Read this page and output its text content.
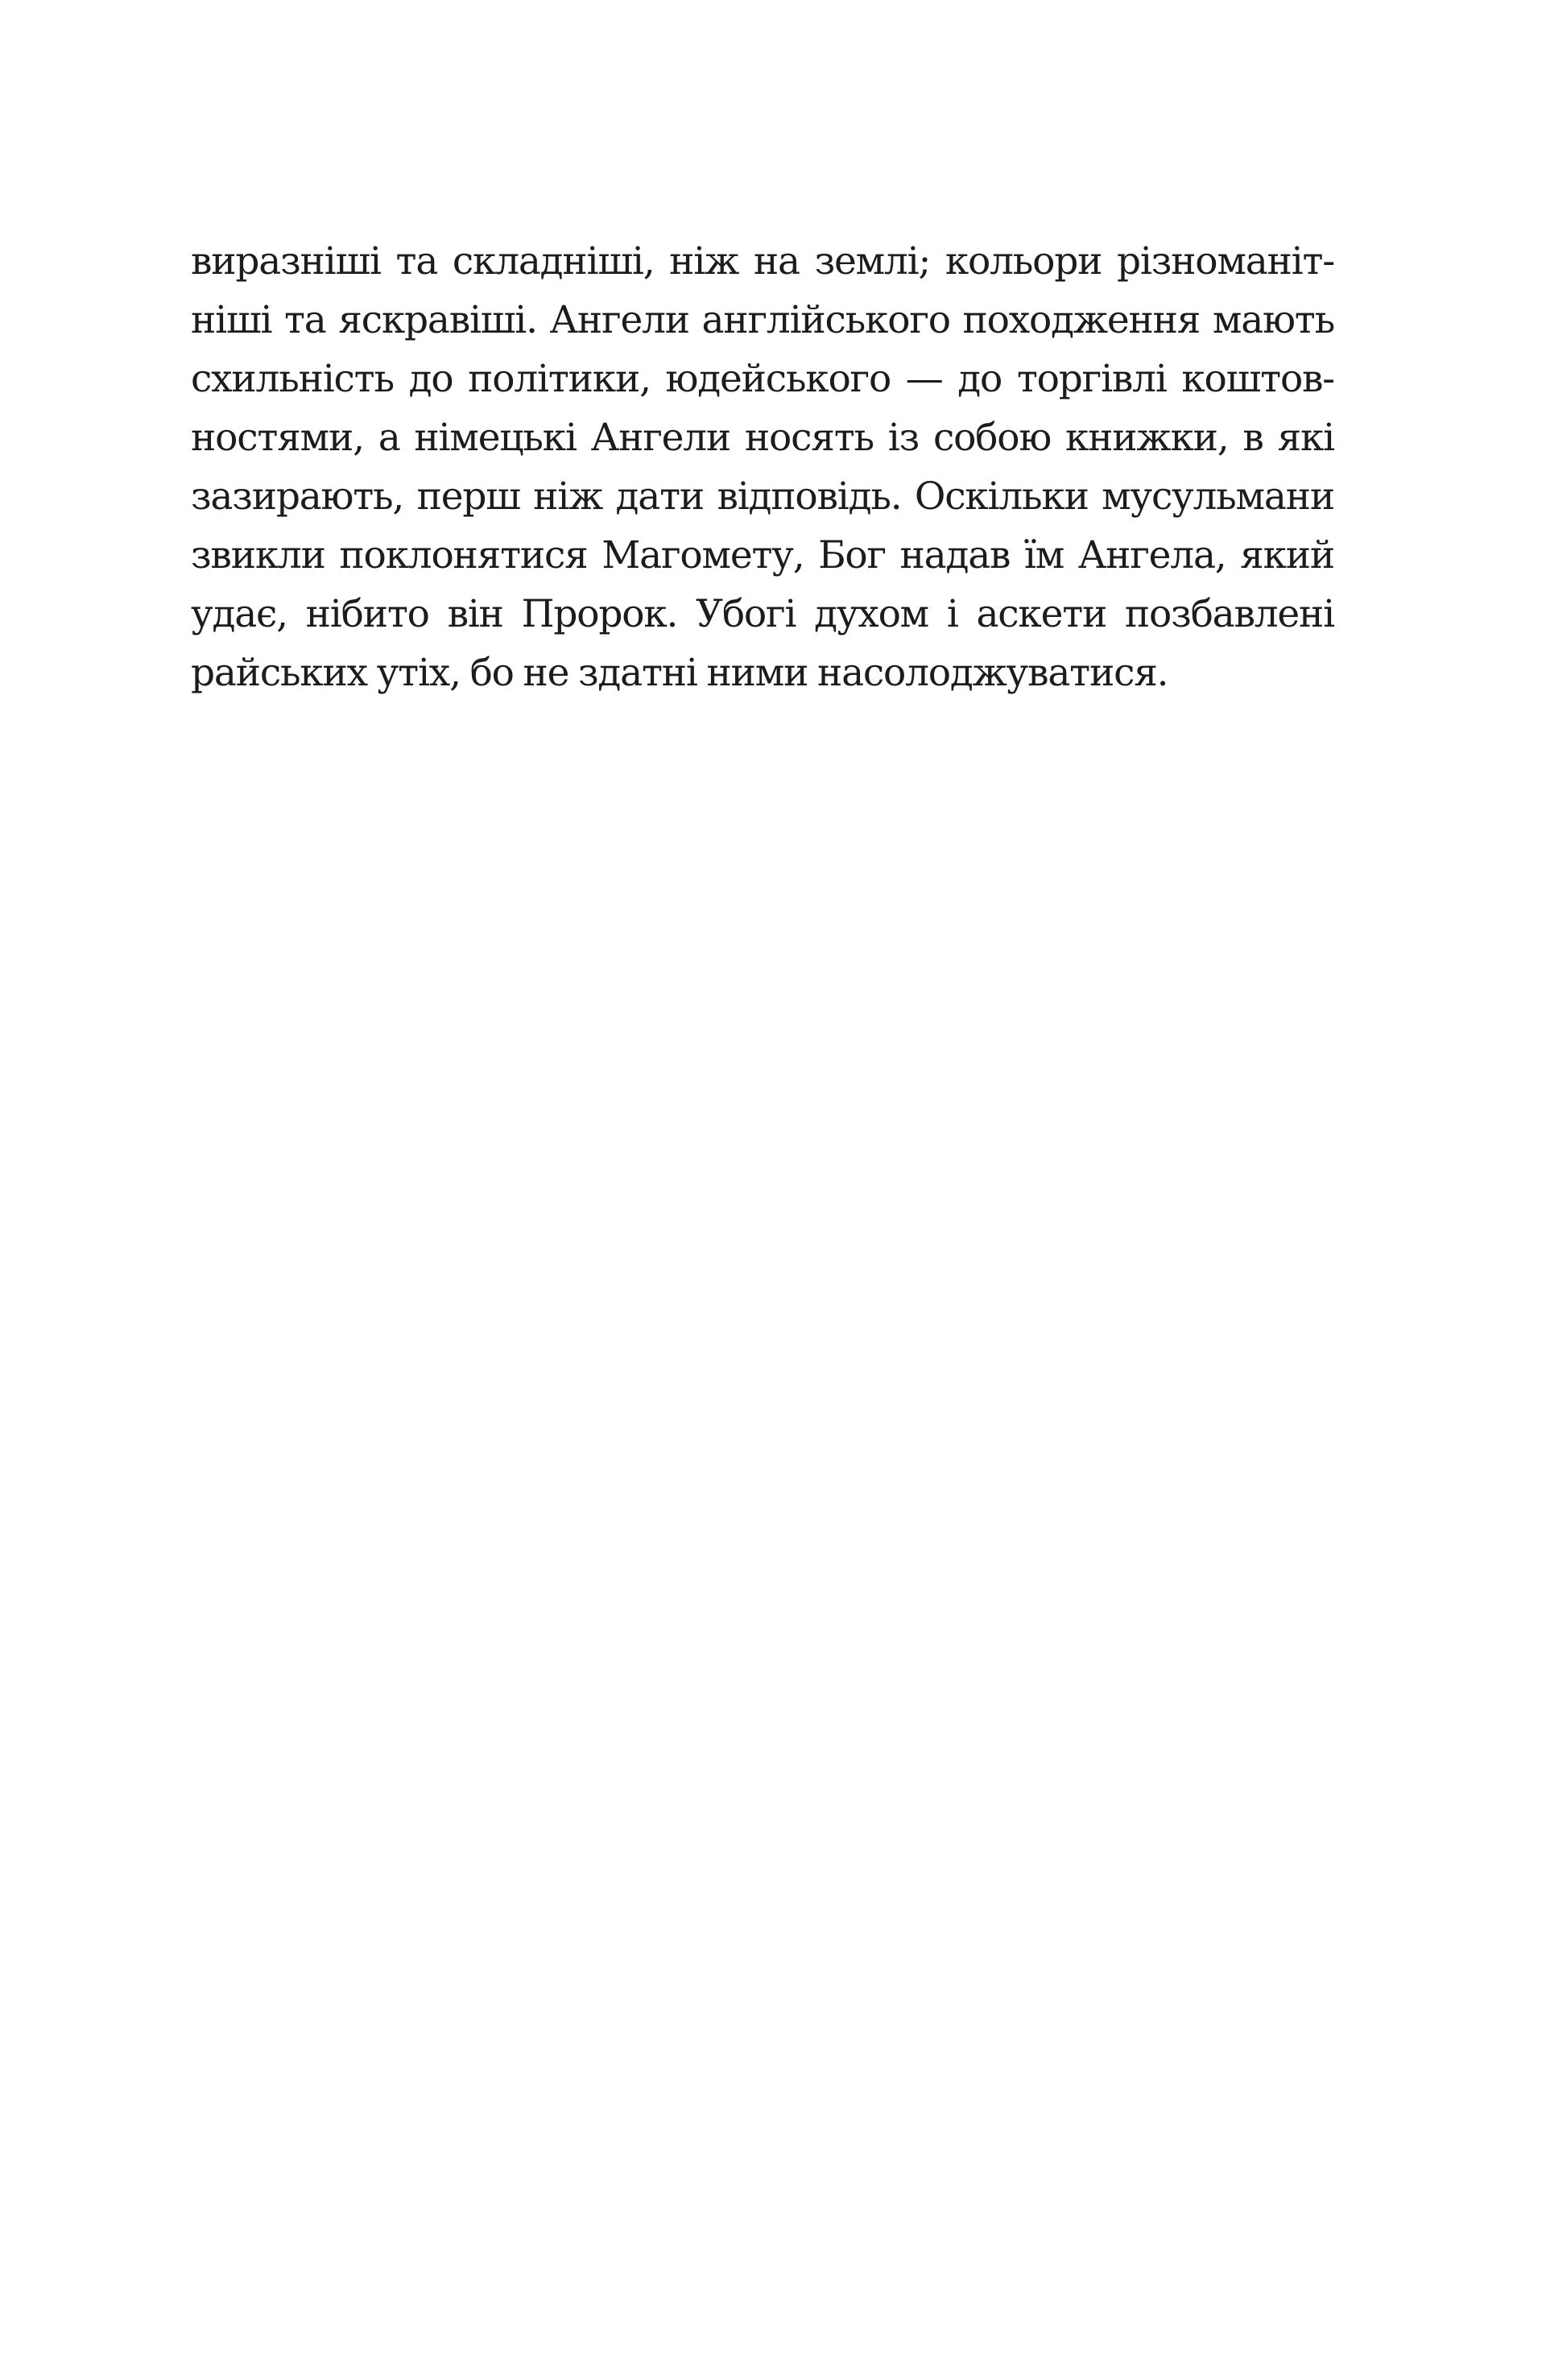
виразніші та складніші, ніж на землі; кольори різноманіт-
ніші та яскравіші. Ангели англійського походження мають
схильність до політики, юдейського — до торгівлі коштов-
ностями, а німецькі Ангели носять із собою книжки, в які
зазирають, перш ніж дати відповідь. Оскільки мусульмани
звикли поклонятися Магомету, Бог надав їм Ангела, який
удає, нібито він Пророк. Убогі духом і аскети позбавлені
райських утіх, бо не здатні ними насолоджуватися.
